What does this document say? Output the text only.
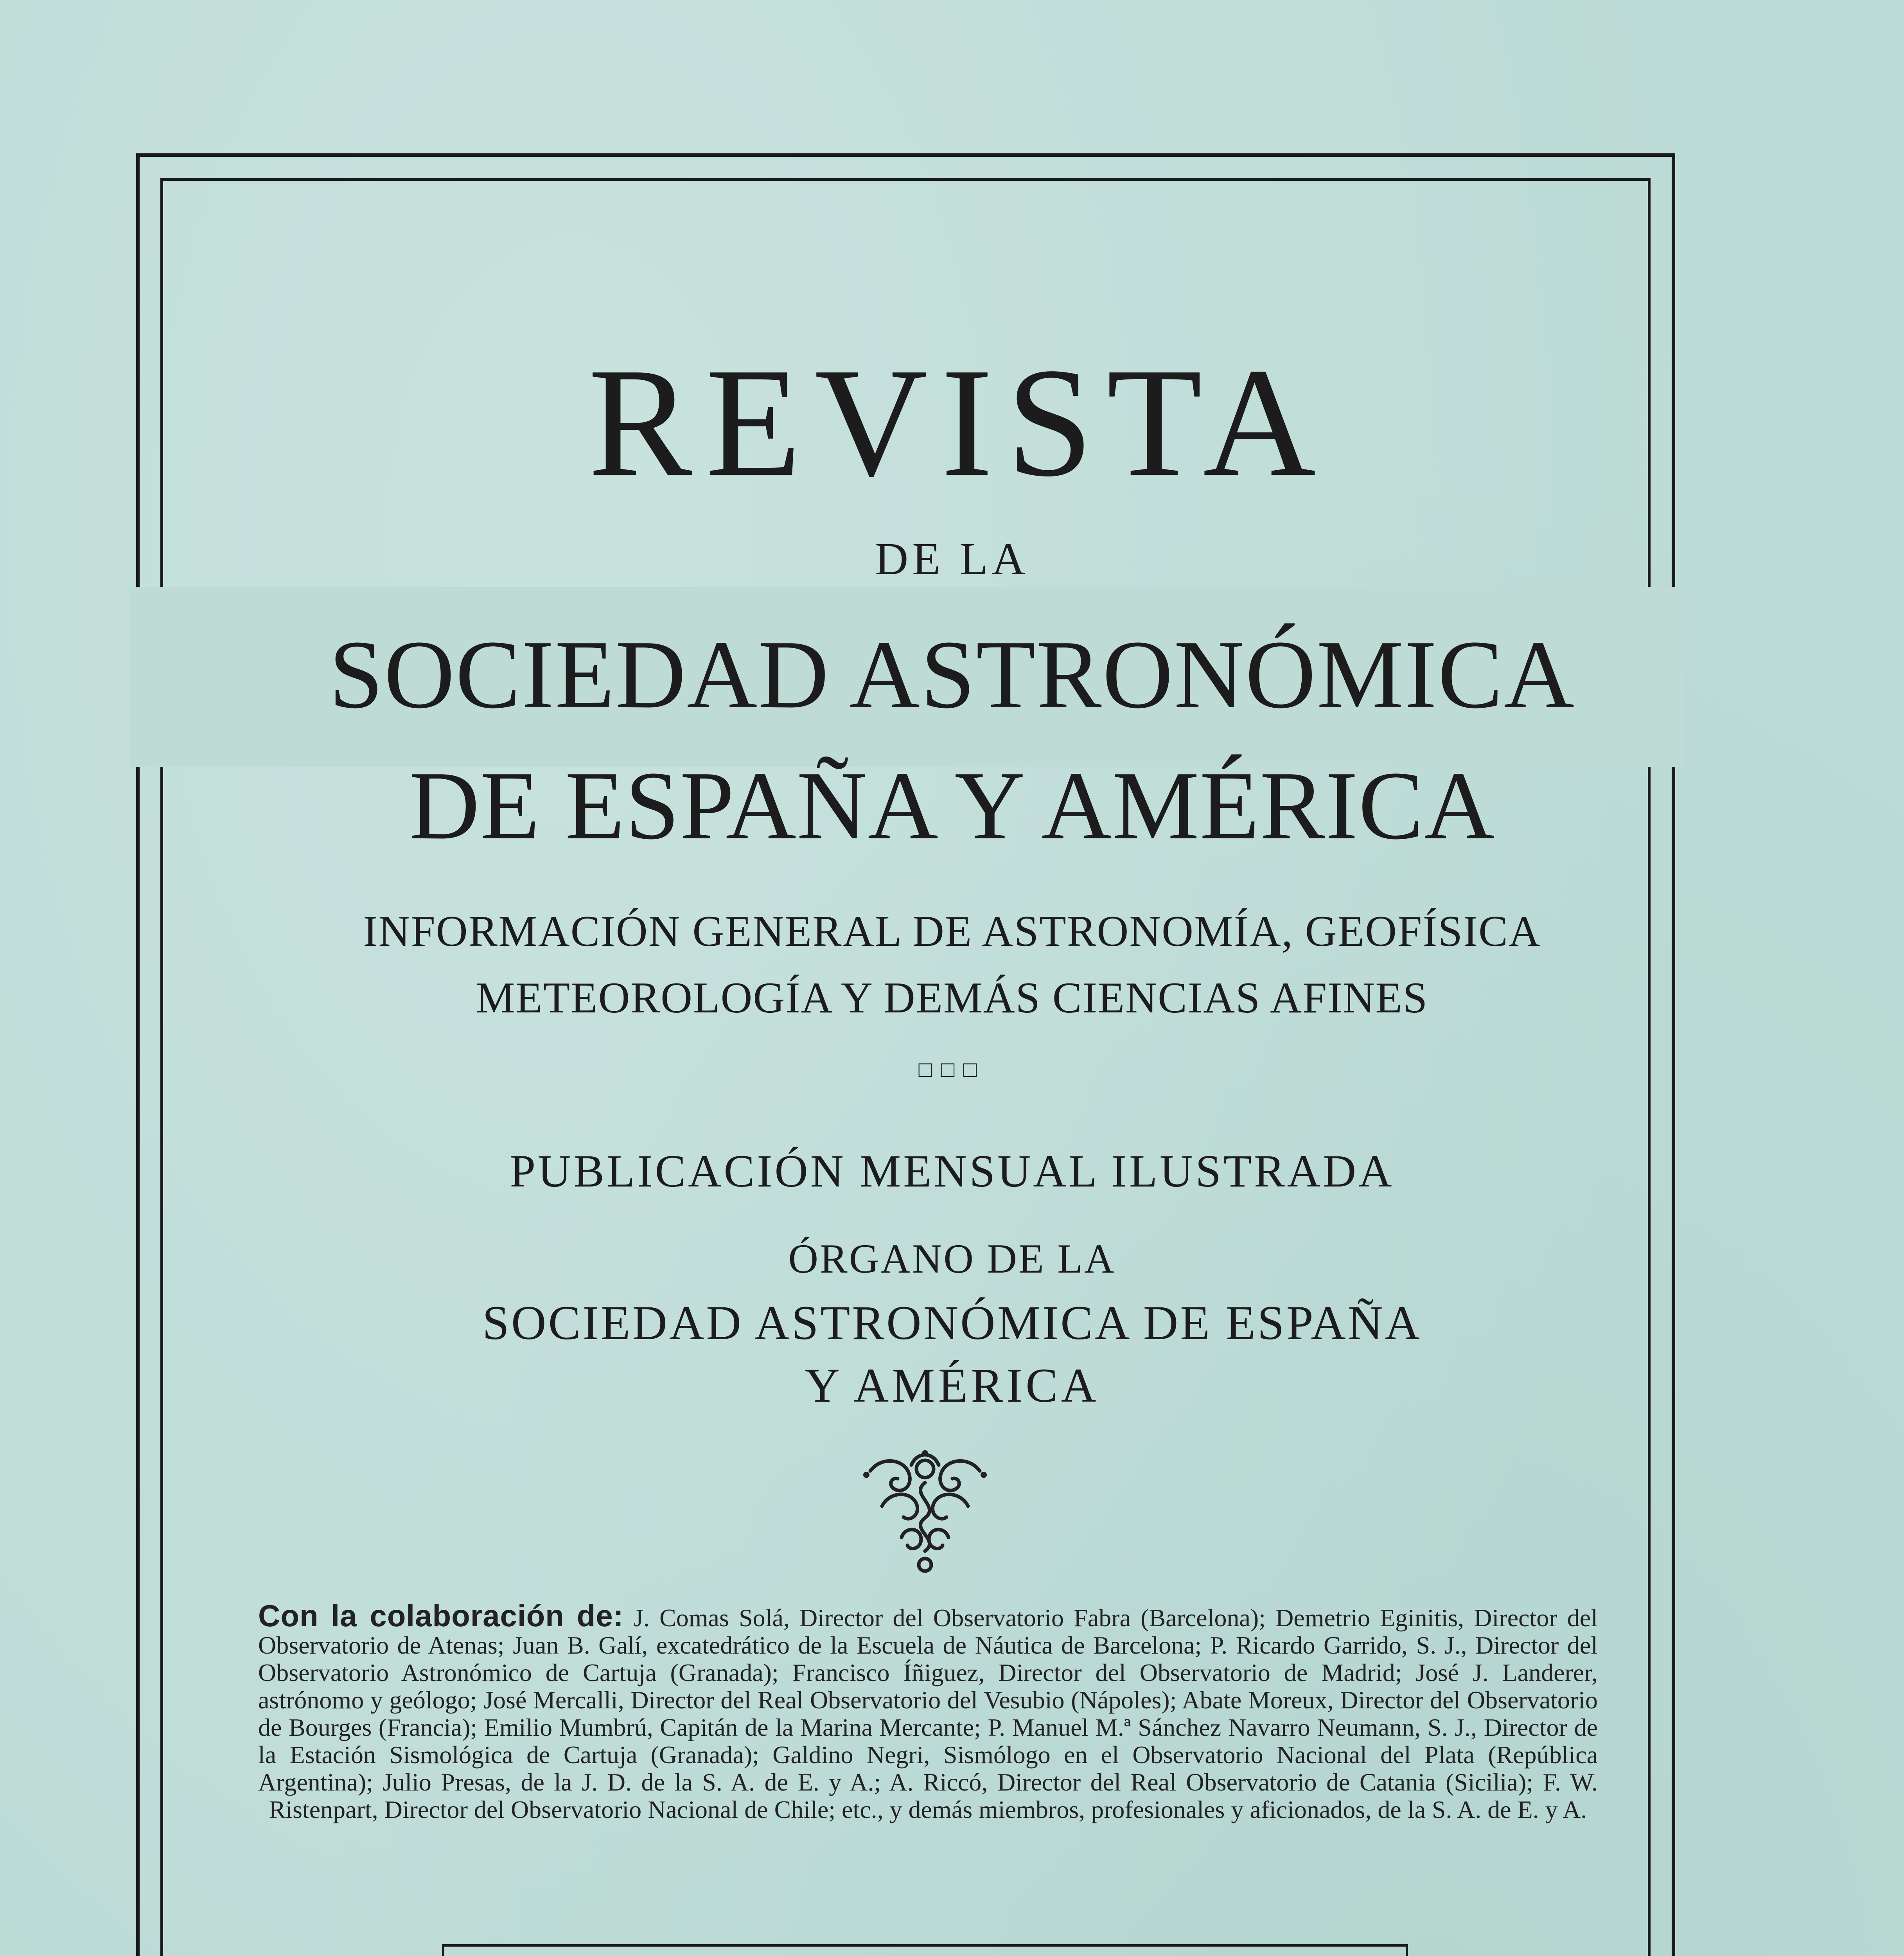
REVISTA
DE LA
SOCIEDAD ASTRONÓMICA
DE ESPAÑA Y AMÉRICA
INFORMACIÓN GENERAL DE ASTRONOMÍA, GEOFÍSICA
METEOROLOGÍA Y DEMÁS CIENCIAS AFINES
□□□
PUBLICACIÓN MENSUAL ILUSTRADA
ÓRGANO DE LA
SOCIEDAD ASTRONÓMICA DE ESPAÑA
Y AMÉRICA
Con la colaboración de: J. Comas Solá, Director del Observatorio Fabra (Barcelona); Demetrio Eginitis, Director del Observatorio de Atenas; Juan B. Galí, excatedrático de la Escuela de Náutica de Barcelona; P. Ricardo Garrido, S. J., Director del Observatorio Astronómico de Cartuja (Granada); Francisco Íñiguez, Director del Observatorio de Madrid; José J. Landerer, astrónomo y geólogo; José Mercalli, Director del Real Observatorio del Vesubio (Nápoles); Abate Moreux, Director del Observatorio de Bourges (Francia); Emilio Mumbrú, Capitán de la Marina Mercante; P. Manuel M.ª Sánchez Navarro Neumann, S. J., Director de la Estación Sismológica de Cartuja (Granada); Galdino Negri, Sismólogo en el Observatorio Nacional del Plata (República Argentina); Julio Presas, de la J. D. de la S. A. de E. y A.; A. Riccó, Director del Real Observatorio de Catania (Sicilia); F. W. Ristenpart, Director del Observatorio Nacional de Chile; etc., y demás miembros, profesionales y aficionados, de la S. A. de E. y A.
